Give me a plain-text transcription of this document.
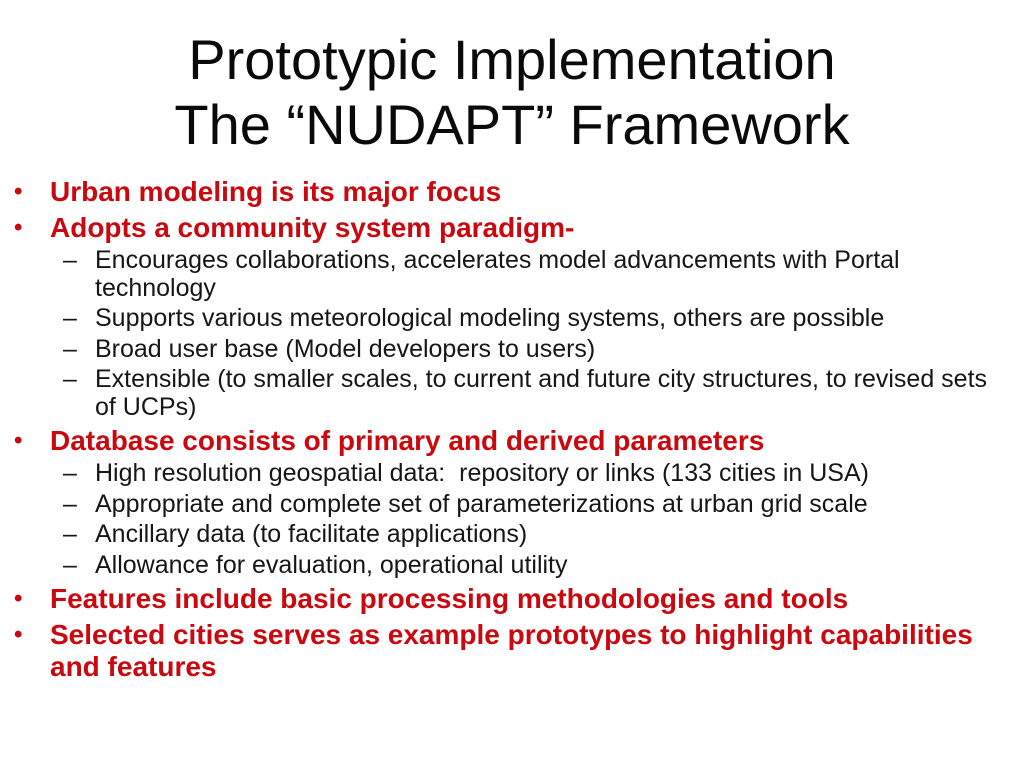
Prototypic Implementation
The “NUDAPT” Framework
• Urban modeling is its major focus
• Adopts a community system paradigm-
– Encourages collaborations, accelerates model advancements with Portal technology
– Supports various meteorological modeling systems, others are possible
– Broad user base (Model developers to users)
– Extensible (to smaller scales, to current and future city structures, to revised sets of UCPs)
• Database consists of primary and derived parameters
– High resolution geospatial data:  repository or links (133 cities in USA)
– Appropriate and complete set of parameterizations at urban grid scale
– Ancillary data (to facilitate applications)
– Allowance for evaluation, operational utility
• Features include basic processing methodologies and tools
• Selected cities serves as example prototypes to highlight capabilities and features
